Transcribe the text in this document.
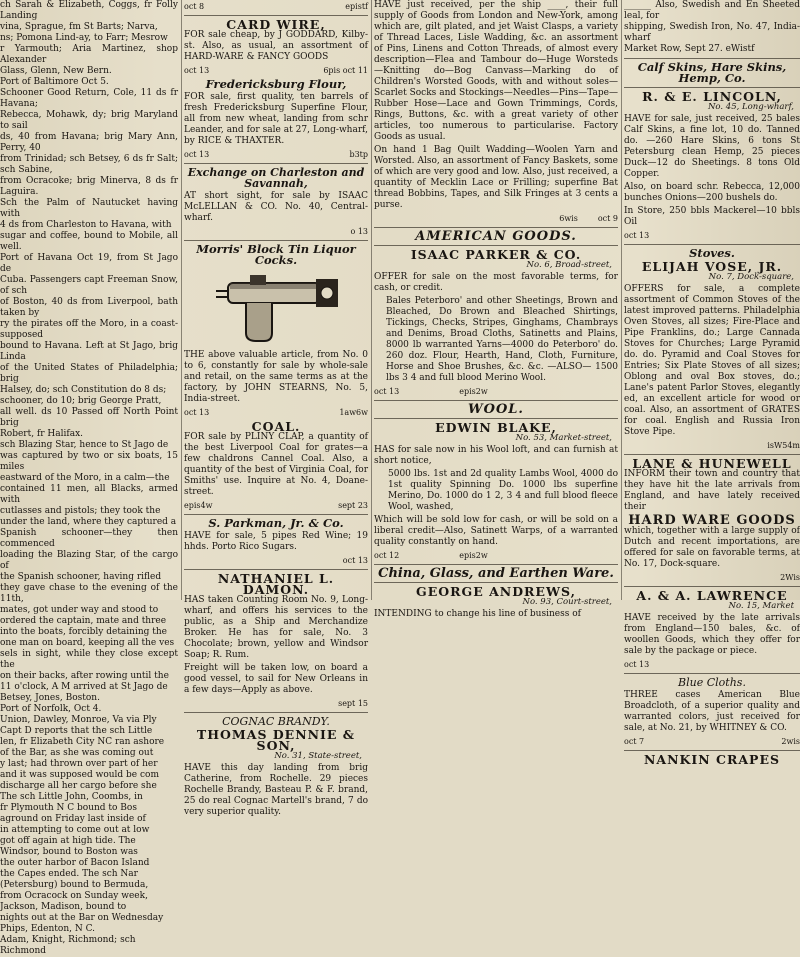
ch Sarah & Elizabeth, Coggs, fr Folly Landing
vina, Sprague, fm St Barts; Narva,
ns; Pomona Lind-ay, to Farr; Mesrow
r Yarmouth; Aria Martinez, shop Alexander
Glass, Glenn, New Bern.
Port of Baltimore Oct 5.
Schooner Good Return, Cole, 11 ds fr Havana;
Rebecca, Mohawk, dy; brig Maryland to sail
ds, 40 from Havana; brig Mary Ann, Perry, 40
from Trinidad; sch Betsey, 6 ds fr Salt; sch Sabine,
from Ocracoke; brig Minerva, 8 ds fr Laguira.
Sch the Palm of Nautucket having with
4 ds from Charleston to Havana, with
sugar and coffee, bound to Mobile, all well.
Port of Havana Oct 19, from St Jago de
Cuba. Passengers capt Freeman Snow, of sch
of Boston, 40 ds from Liverpool, bath taken by
ry the pirates off the Moro, in a coast-supposed
bound to Havana. Left at St Jago, brig Linda
of the United States of Philadelphia; brig
Halsey, do; sch Constitution do 8 ds;
schooner, do 10; brig George Pratt,
all well. ds 10 Passed off North Point brig
Robert, fr Halifax.
sch Blazing Star, hence to St Jago de
was captured by two or six boats, 15 miles
eastward of the Moro, in a calm—the
contained 11 men, all Blacks, armed with
cutlasses and pistols; they took the
under the land, where they captured a
Spanish schooner—they then commenced
loading the Blazing Star, of the cargo of
the Spanish schooner, having rifled
they gave chase to the evening of the 11th,
mates, got under way and stood to
ordered the captain, mate and three
into the boats, forcibly detaining the
one man on board, keeping all the ves
sels in sight, while they close except the
on their backs, after rowing until the
11 o'clock, A M arrived at St Jago de
Betsey, Jones, Boston.
Port of Norfolk, Oct 4.
Union, Dawley, Monroe, Va via Ply
Capt D reports that the sch Little
len, fr Elizabeth City NC ran ashore
of the Bar, as she was coming out
y last; had thrown over part of her
and it was supposed would be com
discharge all her cargo before she
The sch Little John, Coombs, in
fr Plymouth N C bound to Bos
aground on Friday last inside of
in attempting to come out at low
got off again at high tide. The
Windsor, bound to Boston was
the outer harbor of Bacon Island
the Capes ended. The sch Nar
(Petersburg) bound to Bermuda,
from Ocracock on Sunday week,
Jackson, Madison, bound to
nights out at the Bar on Wednesday
Phips, Edenton, N C.
Adam, Knight, Richmond; sch
Richmond
oct 8	epistf
CARD WIRE,

FOR sale cheap, by J GODDARD, Kilby-st. Also, as usual, an assortment of HARD-WARE & FANCY GOODS

oct 13	6pis oct 11
Fredericksburg Flour,

FOR sale, first quality, ten barrels of fresh Fredericksburg Superfine Flour, all from new wheat, landing from schr Leander, and for sale at 27, Long-wharf, by RICE & THAXTER.

oct 13	b3tp
Exchange on Charleston and Savannah,

AT short sight, for sale by ISAAC McLELLAN & CO. No. 40, Central-wharf.

o 13
Morris' Block Tin Liquor Cocks.

THE above valuable article, from No. 0 to 6, constantly for sale by whole-sale and retail, on the same terms as at the factory, by JOHN STEARNS, No. 5, India-street.

oct 13	1aw6w
COAL.

FOR sale by PLINY CLAP, a quantity of the best Liverpool Coal for grates—a few chaldrons Cannel Coal. Also, a quantity of the best of Virginia Coal, for Smiths' use. Inquire at No. 4, Doane-street.

epis4w	sept 23
S. Parkman, Jr. & Co.

HAVE for sale, 5 pipes Red Wine; 19 hhds. Porto Rico Sugars.

oct 13
NATHANIEL L. DAMON.

HAS taken Counting Room No. 9, Long-wharf, and offers his services to the public, as a Ship and Merchandize Broker. He has for sale, No. 3 Chocolate; brown, yellow and Windsor Soap; R. Rum.

Freight will be taken low, on board a good vessel, to sail for New Orleans in a few days—Apply as above.

sept 15
COGNAC BRANDY.
THOMAS DENNIE & SON,
No. 31, State-street,

HAVE this day landing from brig Catherine, from Rochelle. 29 pieces Rochelle Brandy, Basteau P. & F. brand, 25 do real Cognac Martell's brand, 7 do very superior quality.

HAVE just received, per the ship ____, their full supply of Goods from London and New-York, among which are, gilt plated, and jet Waist Clasps, a variety of Thread Laces, Lisle Wadding, &c. an assortment of Pins, Linens and Cotton Threads, of almost every description—Flea and Tambour do—Huge Worsteds—Knitting do—Bog Canvass—Marking do of Children's Worsted Goods, with and without soles—Scarlet Socks and Stockings—Needles—Pins—Tape—Rubber Hose—Lace and Gown Trimmings, Cords, Rings, Buttons, &c. with a great variety of other articles, too numerous to particularise. Factory Goods as usual.

On hand 1 Bag Quilt Wadding—Woolen Yarn and Worsted. Also, an assortment of Fancy Baskets, some of which are very good and low. Also, just received, a quantity of Mecklin Lace or Frilling; superfine Bat thread Bobbins, Tapes, and Silk Fringes at 3 cents a purse.

6wis	oct 9
AMERICAN GOODS.
ISAAC PARKER & CO.
No. 6, Broad-street,

OFFER for sale on the most favorable terms, for cash, or credit.

Bales Peterboro' and other Sheetings, Brown and Bleached, Do Brown and Bleached Shirtings, Tickings, Checks, Stripes, Ginghams, Chambrays and Denims, Broad Cloths, Satinetts and Plains, 8000 lb warranted Yarns—4000 do Peterboro' do. 260 doz. Flour, Hearth, Hand, Cloth, Furniture, Horse and Shoe Brushes, &c. &c. —ALSO— 1500 lbs 3 4 and full blood Merino Wool.

oct 13	epis2w
WOOL.
EDWIN BLAKE,
No. 53, Market-street,

HAS for sale now in his Wool loft, and can furnish at short notice,

5000 lbs. 1st and 2d quality Lambs Wool, 4000 do 1st quality Spinning Do. 1000 lbs superfine Merino, Do. 1000 do 1 2, 3 4 and full blood fleece Wool, washed,

Which will be sold low for cash, or will be sold on a liberal credit—Also, Satinett Warps, of a warranted quality constantly on hand.

oct 12	epis2w
China, Glass, and Earthen Ware.
GEORGE ANDREWS,
No. 93, Court-street,

INTENDING to change his line of business of

______ Also, Swedish and En Sheeted leal, for
shipping, Swedish Iron, No. 47, India-wharf
Market Row, Sept 27. eWistf
Calf Skins, Hare Skins, Hemp, Co.
R. & E. LINCOLN,
No. 45, Long-wharf,

HAVE for sale, just received, 25 bales Calf Skins, a fine lot, 10 do. Tanned do. —260 Hare Skins, 6 tons St Petersburg clean Hemp, 25 pieces Duck—12 do Sheetings. 8 tons Old Copper.

Also, on board schr. Rebecca, 12,000 bunches Onions—200 bushels do.

In Store, 250 bbls Mackerel—10 bbls Oil

oct 13
Stoves.
ELIJAH VOSE, JR.
No. 7, Dock-square,

OFFERS for sale, a complete assortment of Common Stoves of the latest improved patterns. Philadelphia Oven Stoves, all sizes; Fire-Place and Pipe Franklins, do.; Large Cannada Stoves for Churches; Large Pyramid do. do. Pyramid and Coal Stoves for Entries; Six Plate Stoves of all sizes; Oblong and oval Box stoves, do.; Lane's patent Parlor Stoves, elegantly ed, an excellent article for wood or coal. Also, an assortment of GRATES for coal. English and Russia Iron Stove Pipe.

isW54m
LANE & HUNEWELL

INFORM their town and country that they have hit the late arrivals from England, and have lately received their

HARD WARE GOODS

which, together with a large supply of Dutch and recent importations, are offered for sale on favorable terms, at No. 17, Dock-square.

2Wis
A. & A. LAWRENCE
No. 15, Market

HAVE received by the late arrivals from England—150 bales, &c. of woollen Goods, which they offer for sale by the package or piece.

oct 13
Blue Cloths.

THREE cases American Blue Broadcloth, of a superior quality and warranted colors, just received for sale, at No. 21, by WHITNEY & CO.

oct 7	2wis
NANKIN CRAPES
